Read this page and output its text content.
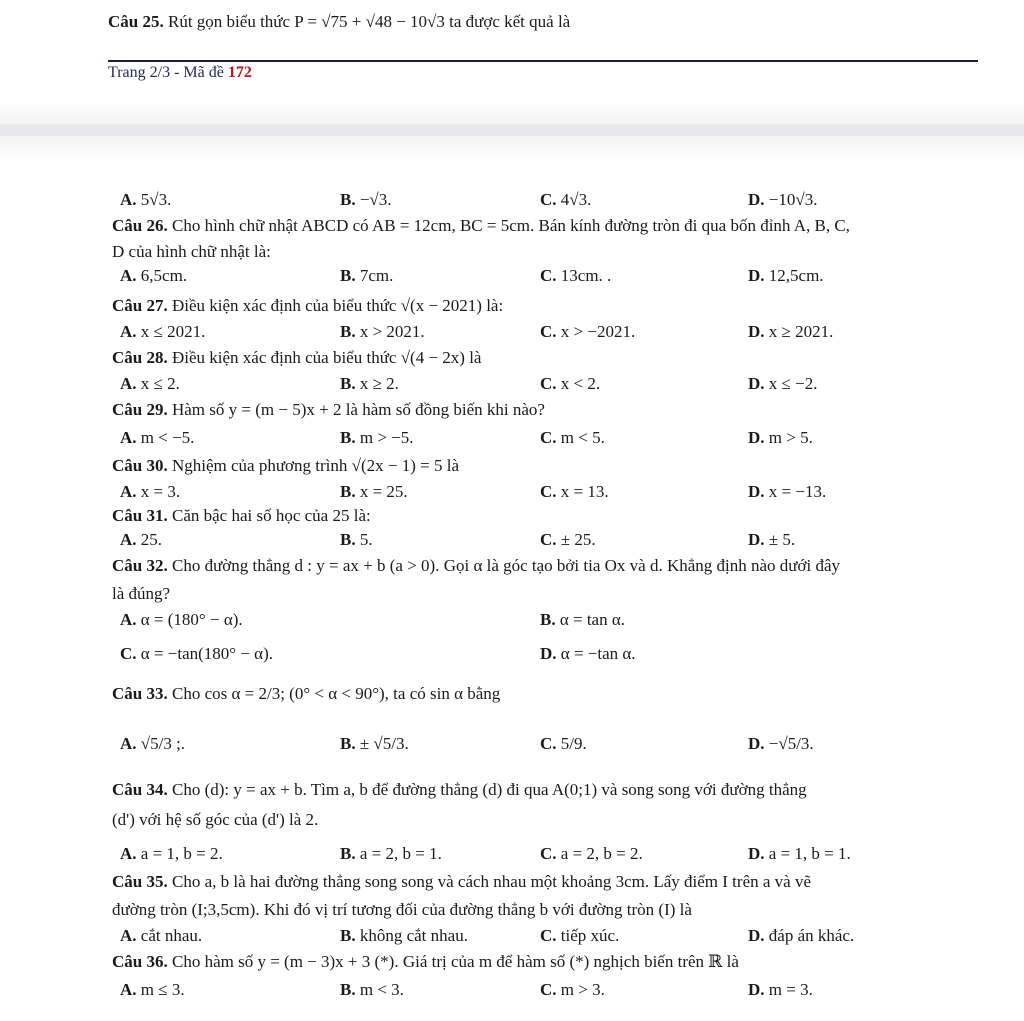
Câu 25. Rút gọn biểu thức P = √75 + √48 − 10√3 ta được kết quả là
Trang 2/3 - Mã đề 172
A. 5√3.	B. −√3.	C. 4√3.	D. −10√3.
Câu 26. Cho hình chữ nhật ABCD có AB = 12cm, BC = 5cm. Bán kính đường tròn đi qua bốn đỉnh A, B, C,
D của hình chữ nhật là:
A. 6,5cm.	B. 7cm.	C. 13cm. .	D. 12,5cm.
Câu 27. Điều kiện xác định của biểu thức √(x − 2021) là:
A. x ≤ 2021.	B. x > 2021.	C. x > −2021.	D. x ≥ 2021.
Câu 28. Điều kiện xác định của biểu thức √(4 − 2x) là
A. x ≤ 2.	B. x ≥ 2.	C. x < 2.	D. x ≤ −2.
Câu 29. Hàm số y = (m − 5)x + 2 là hàm số đồng biến khi nào?
A. m < −5.	B. m > −5.	C. m < 5.	D. m > 5.
Câu 30. Nghiệm của phương trình √(2x − 1) = 5 là
A. x = 3.	B. x = 25.	C. x = 13.	D. x = −13.
Câu 31. Căn bậc hai số học của 25 là:
A. 25.	B. 5.	C. ± 25.	D. ± 5.
Câu 32. Cho đường thẳng d : y = ax + b (a > 0). Gọi α là góc tạo bởi tia Ox và d. Khẳng định nào dưới đây
là đúng?
A. α = (180° − α).	B. α = tan α.
C. α = −tan(180° − α).	D. α = −tan α.
Câu 33. Cho cos α = 2/3; (0° < α < 90°), ta có sin α bằng
A. √5/3 ;.	B. ± √5/3.	C. 5/9.	D. −√5/3.
Câu 34. Cho (d): y = ax + b. Tìm a, b để đường thẳng (d) đi qua A(0;1) và song song với đường thẳng
(d') với hệ số góc của (d') là 2.
A. a = 1, b = 2.	B. a = 2, b = 1.	C. a = 2, b = 2.	D. a = 1, b = 1.
Câu 35. Cho a, b là hai đường thẳng song song và cách nhau một khoảng 3cm. Lấy điểm I trên a và vẽ
đường tròn (I;3,5cm). Khi đó vị trí tương đối của đường thẳng b với đường tròn (I) là
A. cắt nhau.	B. không cắt nhau.	C. tiếp xúc.	D. đáp án khác.
Câu 36. Cho hàm số y = (m − 3)x + 3 (*). Giá trị của m để hàm số (*) nghịch biến trên ℝ là
A. m ≤ 3.	B. m < 3.	C. m > 3.	D. m = 3.
